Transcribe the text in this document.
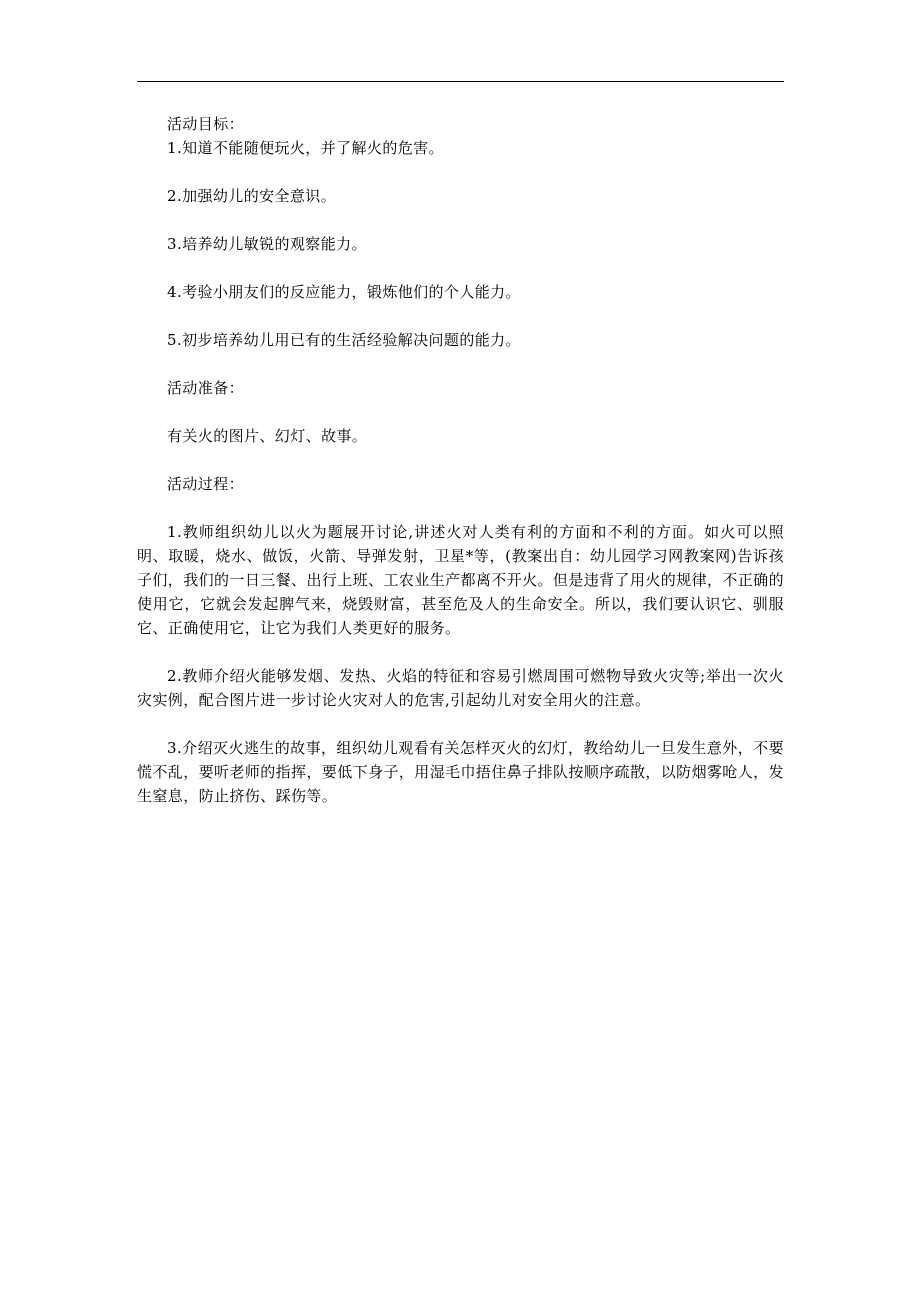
活动目标：

1.知道不能随便玩火，并了解火的危害。

2.加强幼儿的安全意识。

3.培养幼儿敏锐的观察能力。

4.考验小朋友们的反应能力，锻炼他们的个人能力。

5.初步培养幼儿用已有的生活经验解决问题的能力。

活动准备：

有关火的图片、幻灯、故事。

活动过程：

1.教师组织幼儿以火为题展开讨论,讲述火对人类有利的方面和不利的方面。如火可以照明、取暖，烧水、做饭，火箭、导弹发射，卫星*等，(教案出自：幼儿园学习网教案网)告诉孩子们，我们的一日三餐、出行上班、工农业生产都离不开火。但是违背了用火的规律，不正确的使用它，它就会发起脾气来，烧毁财富，甚至危及人的生命安全。所以，我们要认识它、驯服它、正确使用它，让它为我们人类更好的服务。

2.教师介绍火能够发烟、发热、火焰的特征和容易引燃周围可燃物导致火灾等;举出一次火灾实例，配合图片进一步讨论火灾对人的危害,引起幼儿对安全用火的注意。

3.介绍灭火逃生的故事，组织幼儿观看有关怎样灭火的幻灯，教给幼儿一旦发生意外，不要慌不乱，要听老师的指挥，要低下身子，用湿毛巾捂住鼻子排队按顺序疏散，以防烟雾呛人，发生窒息，防止挤伤、踩伤等。
